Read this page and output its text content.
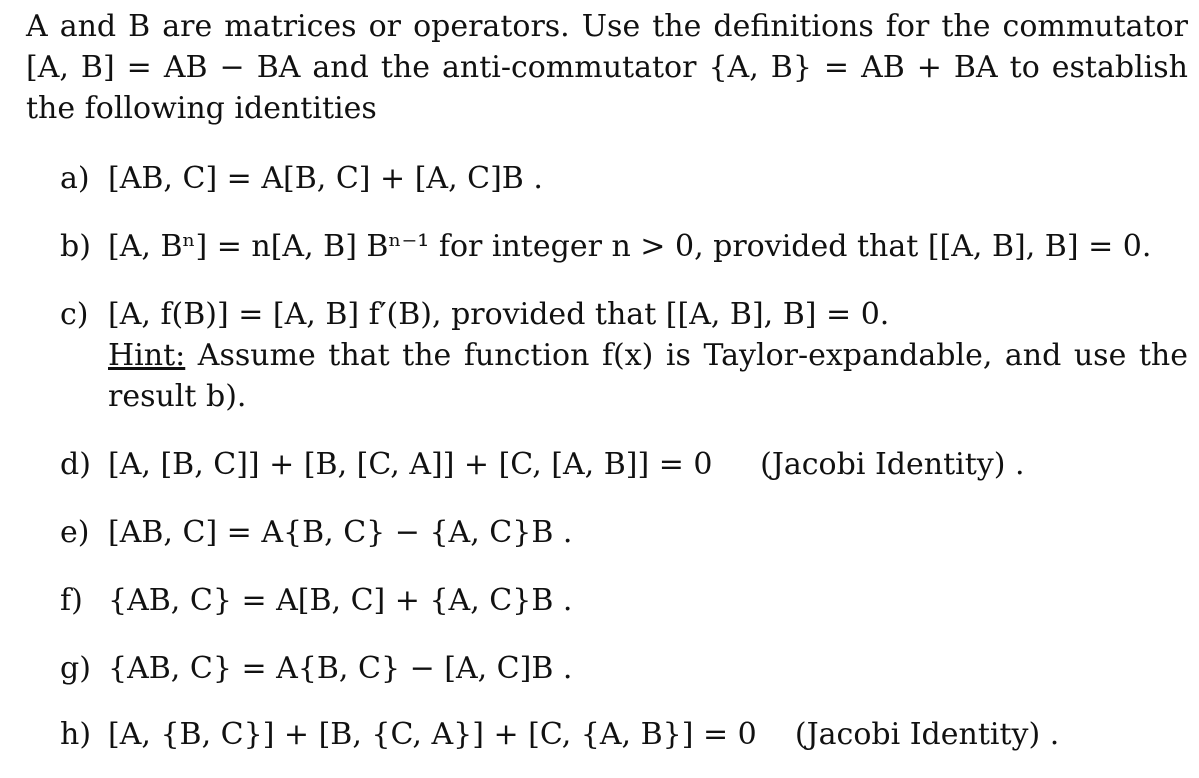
A and B are matrices or operators. Use the definitions for the commutator [A, B] = AB − BA and the anti-commutator {A, B} = AB + BA to establish the following identities

a) [AB, C] = A[B, C] + [A, C]B .
b) [A, Bⁿ] = n[A, B] Bⁿ⁻¹ for integer n > 0, provided that [[A, B], B] = 0.
c) [A, f(B)] = [A, B] f′(B), provided that [[A, B], B] = 0.
Hint: Assume that the function f(x) is Taylor-expandable, and use the result b).
d) [A, [B, C]] + [B, [C, A]] + [C, [A, B]] = 0     (Jacobi Identity) .
e) [AB, C] = A{B, C} − {A, C}B .
f) {AB, C} = A[B, C] + {A, C}B .
g) {AB, C} = A{B, C} − [A, C]B .
h) [A, {B, C}] + [B, {C, A}] + [C, {A, B}] = 0    (Jacobi Identity) .
